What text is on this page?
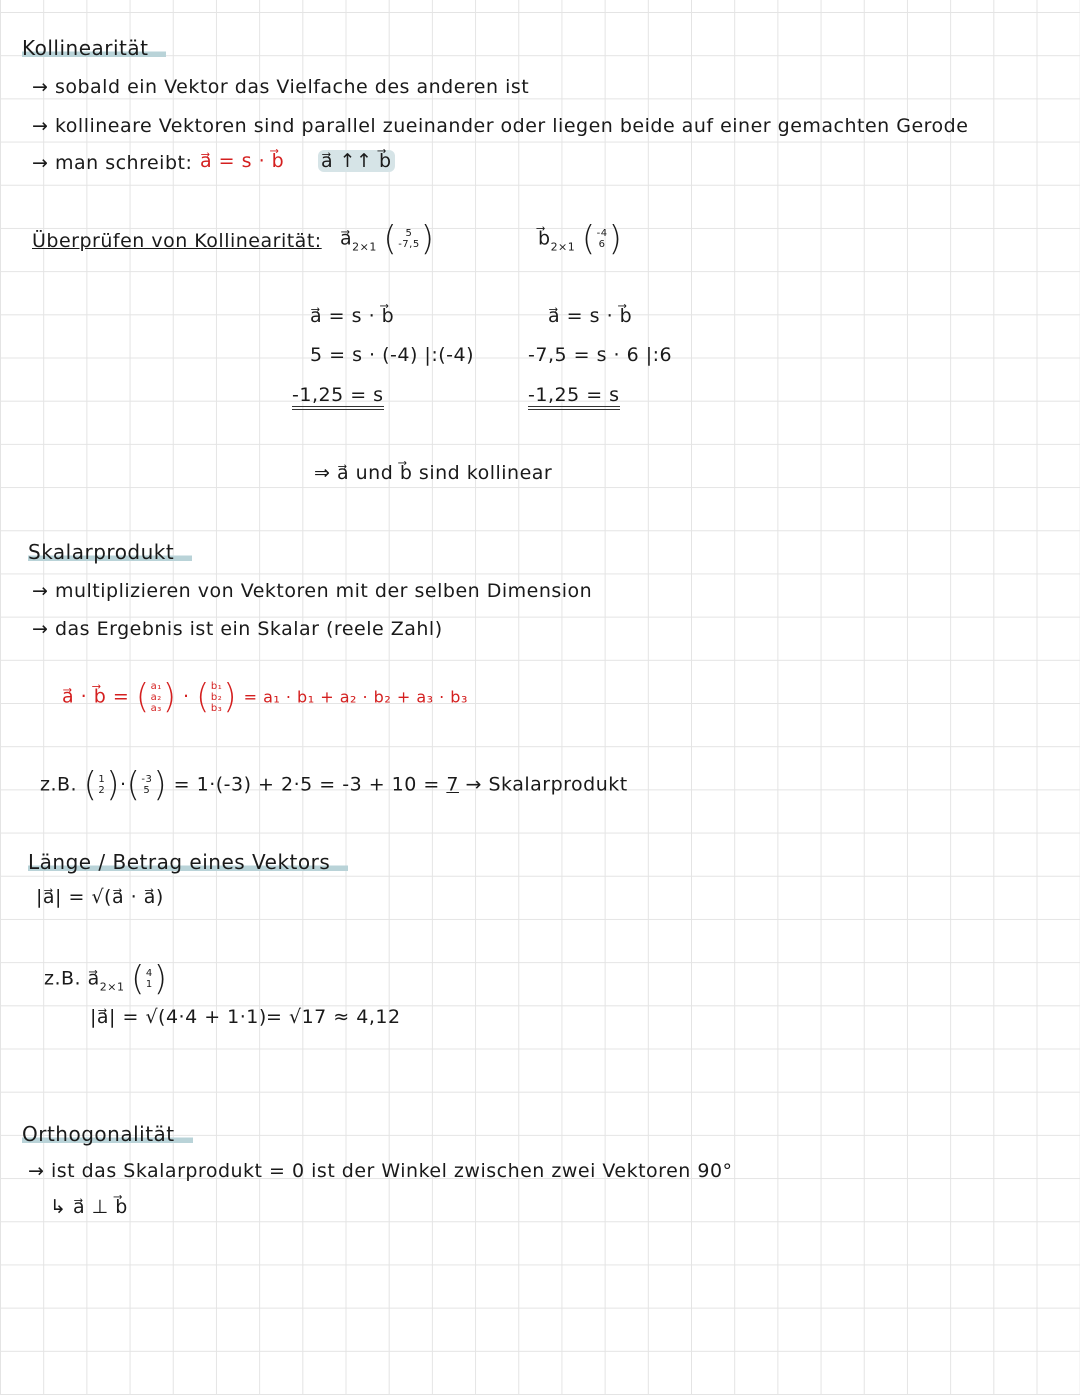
Kollinearität
→ sobald ein Vektor das Vielfache des anderen ist
→ kollineare Vektoren sind parallel zueinander oder liegen beide auf einer gemachten Gerode
→ man schreibt: a⃗ = s · b⃗ a⃗ ↑↑ b⃗
Überprüfen von Kollinearität: $a⃗_{2\times 1}$ ( 5
-7,5 )	$b⃗_{2\times 1}$ ( -4
6 )
a⃗ = s · b⃗
5 = s · (-4) |:(-4)
-1,25 = s
a⃗ = s · b⃗
-7,5 = s · 6 |:6
-1,25 = s
⇒ a⃗ und b⃗ sind kollinear
Skalarprodukt
→ multiplizieren von Vektoren mit der selben Dimension
→ das Ergebnis ist ein Skalar (reele Zahl)
a⃗ · b⃗ = ( a₁
a₂
a₃ ) · ( b₁
b₂
b₃ ) = a₁ · b₁ + a₂ · b₂ + a₃ · b₃
z.B. ( 1
2 ) · ( -3
5 ) = 1·(-3) + 2·5 = -3 + 10 = 7 → Skalarprodukt
Länge / Betrag eines Vektors
|a⃗| = √(a⃗ · a⃗)
z.B. $a⃗_{2\times 1}$ ( 4
1 )
|a⃗| = √(4·4 + 1·1) = √17 ≈ 4,12
Orthogonalität
→ ist das Skalarprodukt = 0 ist der Winkel zwischen zwei Vektoren 90°
↳ a⃗ ⊥ b⃗
